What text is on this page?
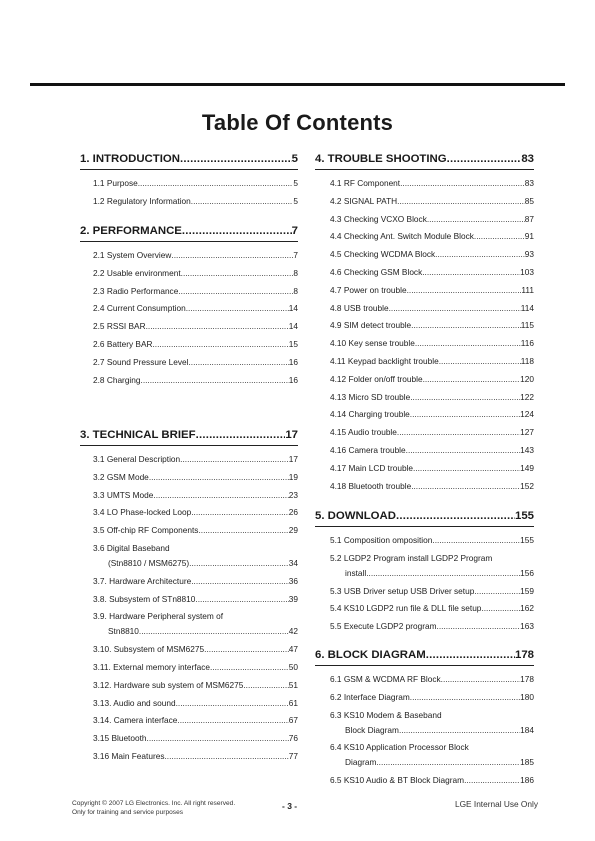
Table Of Contents
1. INTRODUCTION .....	5
1.1 Purpose .....	5
1.2 Regulatory Information .....	5
2. PERFORMANCE .....	7
2.1 System Overview .....	7
2.2 Usable environment .....	8
2.3 Radio Performance .....	8
2.4 Current Consumption .....	14
2.5 RSSI BAR .....	14
2.6 Battery BAR .....	15
2.7 Sound Pressure Level .....	16
2.8 Charging .....	16
3. TECHNICAL BRIEF .....	17
3.1 General Description .....	17
3.2 GSM Mode .....	19
3.3 UMTS Mode .....	23
3.4 LO Phase-locked Loop .....	26
3.5 Off-chip RF Components .....	29
3.6 Digital Baseband
(Stn8810 / MSM6275) .....	34
3.7. Hardware Architecture .....	36
3.8. Subsystem of STn8810 .....	39
3.9. Hardware Peripheral system of
Stn8810 .....	42
3.10. Subsystem of MSM6275. .....	47
3.11. External memory interface .....	50
3.12. Hardware sub system of MSM6275 .....	51
3.13. Audio and sound .....	61
3.14. Camera interface .....	67
3.15 Bluetooth .....	76
3.16 Main Features .....	77
4. TROUBLE SHOOTING .....	83
4.1 RF Component .....	83
4.2 SIGNAL PATH .....	85
4.3 Checking VCXO Block .....	87
4.4 Checking Ant. Switch Module Block .....	91
4.5 Checking WCDMA Block .....	93
4.6 Checking GSM Block .....	103
4.7 Power on trouble .....	111
4.8 USB trouble .....	114
4.9 SIM detect trouble .....	115
4.10 Key sense trouble .....	116
4.11 Keypad backlight trouble .....	118
4.12 Folder on/off trouble .....	120
4.13 Micro SD trouble .....	122
4.14 Charging trouble .....	124
4.15 Audio trouble .....	127
4.16 Camera trouble .....	143
4.17 Main LCD trouble .....	149
4.18 Bluetooth trouble .....	152
5. DOWNLOAD .....	155
5.1 Composition omposition .....	155
5.2 LGDP2 Program install LGDP2 Program
install .....	156
5.3 USB Driver setup USB Driver setup .....	159
5.4 KS10 LGDP2 run file & DLL file setup .....	162
5.5 Execute LGDP2 program .....	163
6. BLOCK DIAGRAM .....	178
6.1 GSM & WCDMA RF Block .....	178
6.2 Interface Diagram .....	180
6.3 KS10 Modem & Baseband
Block Diagram .....	184
6.4 KS10 Application Processor Block
Diagram .....	185
6.5 KS10 Audio & BT Block Diagram .....	186
Copyright © 2007 LG Electronics. Inc. All right reserved.
Only for training and service purposes
- 3 -	LGE Internal Use Only
